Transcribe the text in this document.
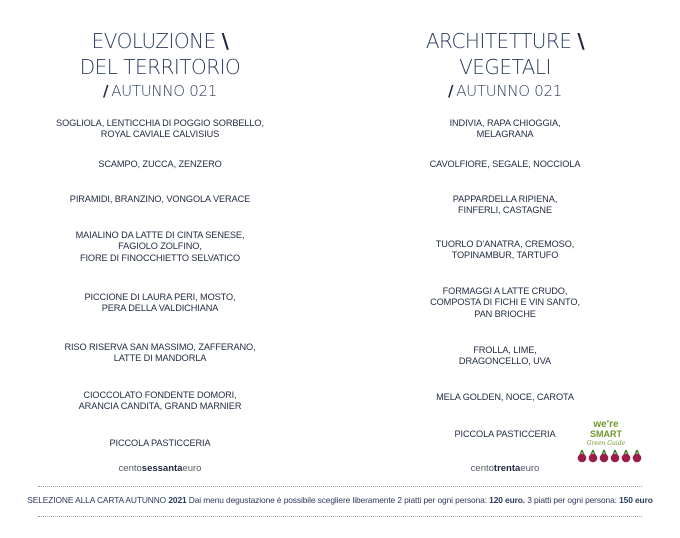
EVOLUZIONE \
DEL TERRITORIO
/ AUTUNNO 021
SOGLIOLA, LENTICCHIA DI POGGIO SORBELLO,
ROYAL CAVIALE CALVISIUS
SCAMPO, ZUCCA, ZENZERO
PIRAMIDI, BRANZINO, VONGOLA VERACE
MAIALINO DA LATTE DI CINTA SENESE,
FAGIOLO ZOLFINO,
FIORE DI FINOCCHIETTO SELVATICO
PICCIONE DI LAURA PERI, MOSTO,
PERA DELLA VALDICHIANA
RISO RISERVA SAN MASSIMO, ZAFFERANO,
LATTE DI MANDORLA
CIOCCOLATO FONDENTE DOMORI,
ARANCIA CANDITA, GRAND MARNIER
PICCOLA PASTICCERIA
centosessantaeuro
ARCHITETTURE \
VEGETALI
/ AUTUNNO 021
INDIVIA, RAPA CHIOGGIA,
MELAGRANA
CAVOLFIORE, SEGALE, NOCCIOLA
PAPPARDELLA RIPIENA,
FINFERLI, CASTAGNE
TUORLO D'ANATRA, CREMOSO,
TOPINAMBUR, TARTUFO
FORMAGGI A LATTE CRUDO,
COMPOSTA DI FICHI E VIN SANTO,
PAN BRIOCHE
FROLLA, LIME,
DRAGONCELLO, UVA
MELA GOLDEN, NOCE, CAROTA
PICCOLA PASTICCERIA
centotrentaeuro
we're
SMART
Green Guide
SELEZIONE ALLA CARTA AUTUNNO 2021 Dai menu degustazione è possibile scegliere liberamente 2 piatti per ogni persona: 120 euro. 3 piatti per ogni persona: 150 euro
